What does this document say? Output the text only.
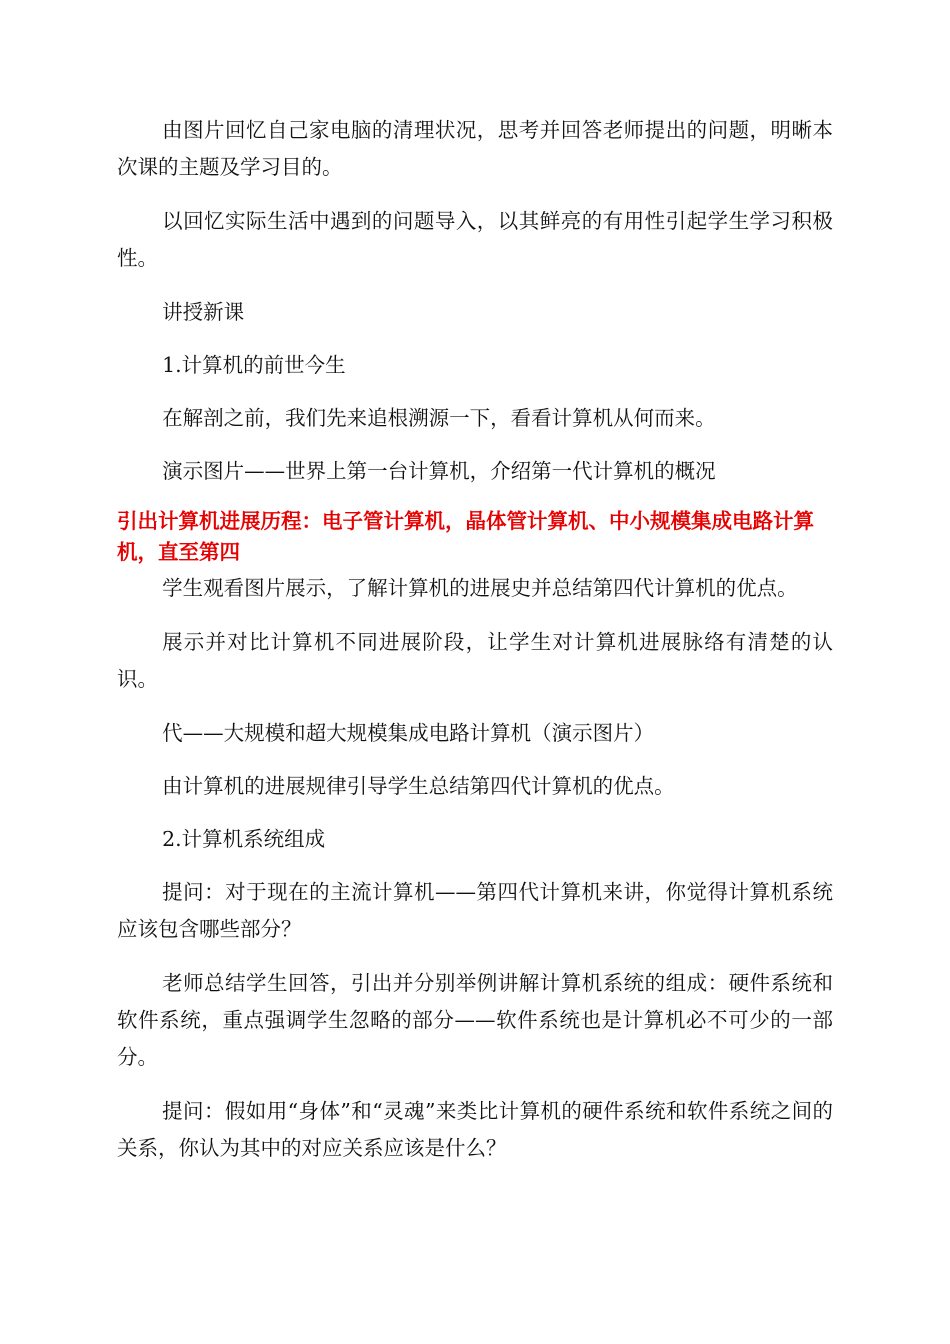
由图片回忆自己家电脑的清理状况，思考并回答老师提出的问题，明晰本次课的主题及学习目的。

以回忆实际生活中遇到的问题导入，以其鲜亮的有用性引起学生学习积极性。

讲授新课

1.计算机的前世今生

在解剖之前，我们先来追根溯源一下，看看计算机从何而来。

演示图片——世界上第一台计算机，介绍第一代计算机的概况

引出计算机进展历程：电子管计算机，晶体管计算机、中小规模集成电路计算机，直至第四

学生观看图片展示，了解计算机的进展史并总结第四代计算机的优点。

展示并对比计算机不同进展阶段，让学生对计算机进展脉络有清楚的认识。

代——大规模和超大规模集成电路计算机（演示图片）

由计算机的进展规律引导学生总结第四代计算机的优点。

2.计算机系统组成

提问：对于现在的主流计算机——第四代计算机来讲，你觉得计算机系统应该包含哪些部分？

老师总结学生回答，引出并分别举例讲解计算机系统的组成：硬件系统和软件系统，重点强调学生忽略的部分——软件系统也是计算机必不可少的一部分。

提问：假如用“身体”和“灵魂”来类比计算机的硬件系统和软件系统之间的关系，你认为其中的对应关系应该是什么？
